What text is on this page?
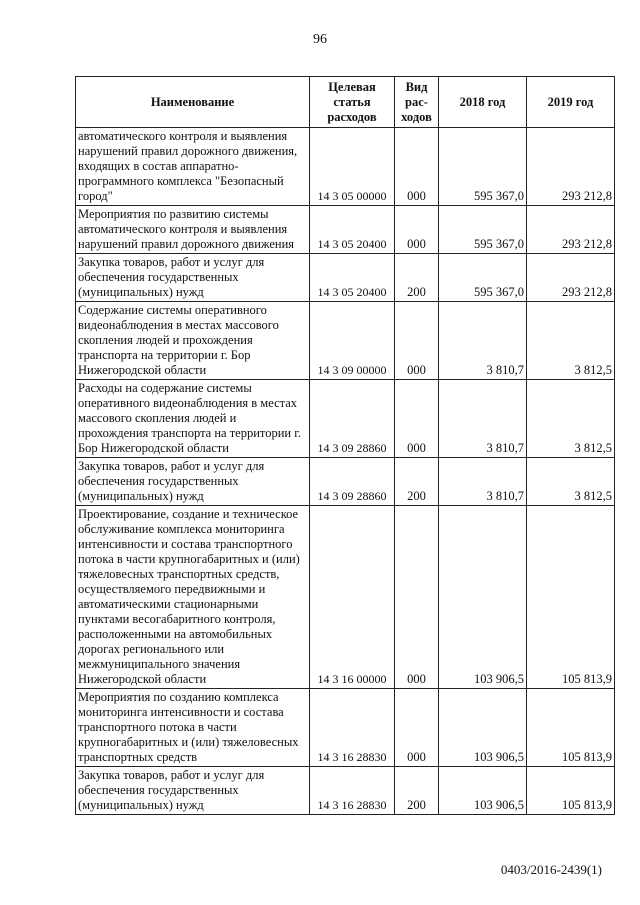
96
Наименование	Целевая статья расходов	Вид рас-ходов	2018 год	2019 год
автоматического контроля и выявления нарушений правил дорожного движения, входящих в состав аппаратно-программного комплекса "Безопасный город"	14 3 05 00000	000	595 367,0	293 212,8
Мероприятия по развитию системы автоматического контроля и выявления нарушений правил дорожного движения	14 3 05 20400	000	595 367,0	293 212,8
Закупка товаров, работ и услуг для обеспечения государственных (муниципальных) нужд	14 3 05 20400	200	595 367,0	293 212,8
Содержание системы оперативного видеонаблюдения в местах массового скопления людей и прохождения транспорта на территории г. Бор Нижегородской области	14 3 09 00000	000	3 810,7	3 812,5
Расходы на содержание системы оперативного видеонаблюдения в местах массового скопления людей и прохождения транспорта на территории г. Бор Нижегородской области	14 3 09 28860	000	3 810,7	3 812,5
Закупка товаров, работ и услуг для обеспечения государственных (муниципальных) нужд	14 3 09 28860	200	3 810,7	3 812,5
Проектирование, создание и техническое обслуживание комплекса мониторинга интенсивности и состава транспортного потока в части крупногабаритных и (или) тяжеловесных транспортных средств, осуществляемого передвижными и автоматическими стационарными пунктами весогабаритного контроля, расположенными на автомобильных дорогах регионального или межмуниципального значения Нижегородской области	14 3 16 00000	000	103 906,5	105 813,9
Мероприятия по созданию комплекса мониторинга интенсивности и состава транспортного потока в части крупногабаритных и (или) тяжеловесных транспортных средств	14 3 16 28830	000	103 906,5	105 813,9
Закупка товаров, работ и услуг для обеспечения государственных (муниципальных) нужд	14 3 16 28830	200	103 906,5	105 813,9
0403/2016-2439(1)
